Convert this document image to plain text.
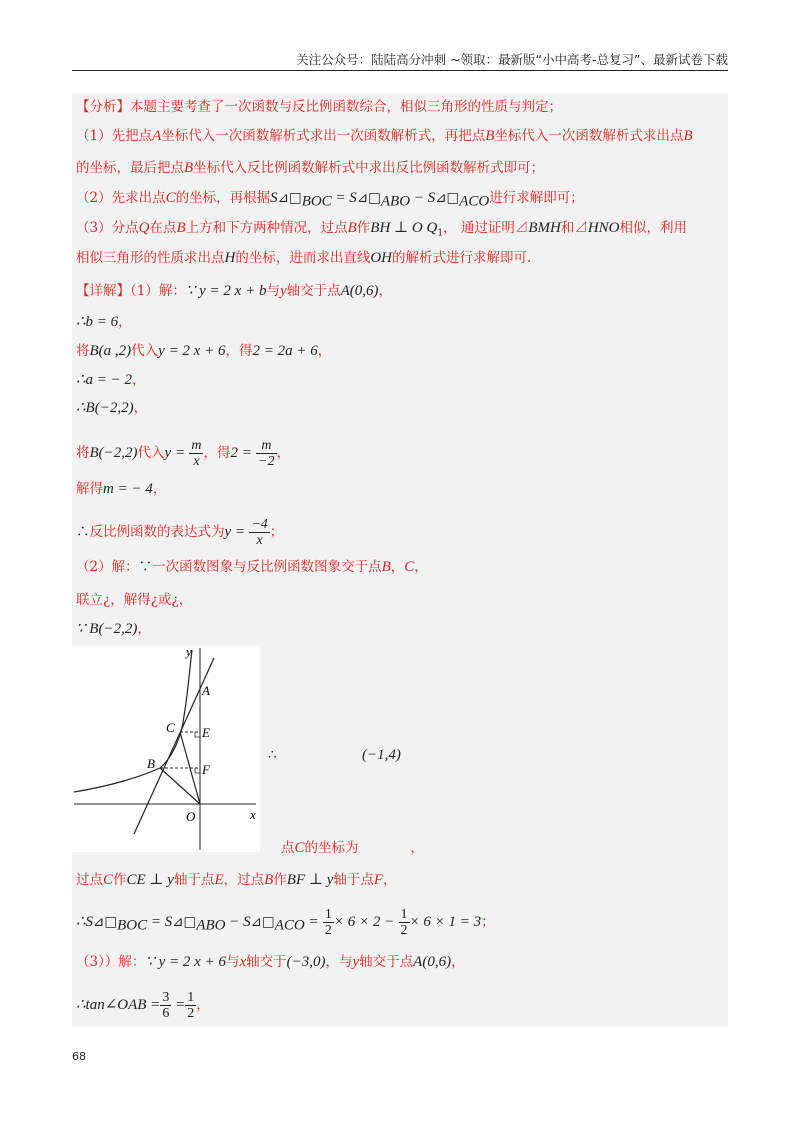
关注公众号：陆陆高分冲刺 ~领取：最新版“小中高考-总复习”、最新试卷下载
【分析】本题主要考查了一次函数与反比例函数综合，相似三角形的性质与判定；
（1）先把点A坐标代入一次函数解析式求出一次函数解析式，再把点B坐标代入一次函数解析式求出点B
的坐标，最后把点B坐标代入反比例函数解析式中求出反比例函数解析式即可；
（2）先求出点C的坐标，再根据$S⊿□_{BOC}$ = $S⊿□_{ABO}$ − $S⊿□_{ACO}$进行求解即可；
（3）分点Q在点B上方和下方两种情况，过点B作BH ⊥ O $Q_1$， 通过证明⊿BMH和⊿HNO相似，利用
相似三角形的性质求出点H的坐标，进而求出直线OH的解析式进行求解即可.
【详解】（1）解：∵ y = 2 x + b与y轴交于点A(0,6)，
∴b = 6，
将B(a ,2)代入y = 2 x + 6，得2 = 2a + 6，
∴a = − 2，
∴B(−2,2)，
将B(−2,2)代入$y = \frac{m}{x}$ ，得$2 = \frac{m}{-2}$ ，
解得m = − 4，
∴反比例函数的表达式为$y = \frac{-4}{x}$ ；
（2）解：∵一次函数图象与反比例函数图象交于点B，C，
联立¿，解得¿或¿，
∵ B(−2,2)，
y
x
A
C E
B	F
O
∴	(−1,4)
点C的坐标为	，
过点C作CE ⊥ y轴于点E，过点B作BF ⊥ y轴于点F，
$\therefore S⊿□_{BOC}$ = $S⊿□_{ABO}$ − $S⊿□_{ACO} = \frac{1}{2} \times 6 \times 2 - \frac{1}{2} \times 6 \times 1 = 3$；
（3））解：∵ y = 2 x + 6与x轴交于(−3,0)，与y轴交于点A(0,6)，
∴tan∠OAB = $\frac{3}{6} = \frac{1}{2}$ ，
68
